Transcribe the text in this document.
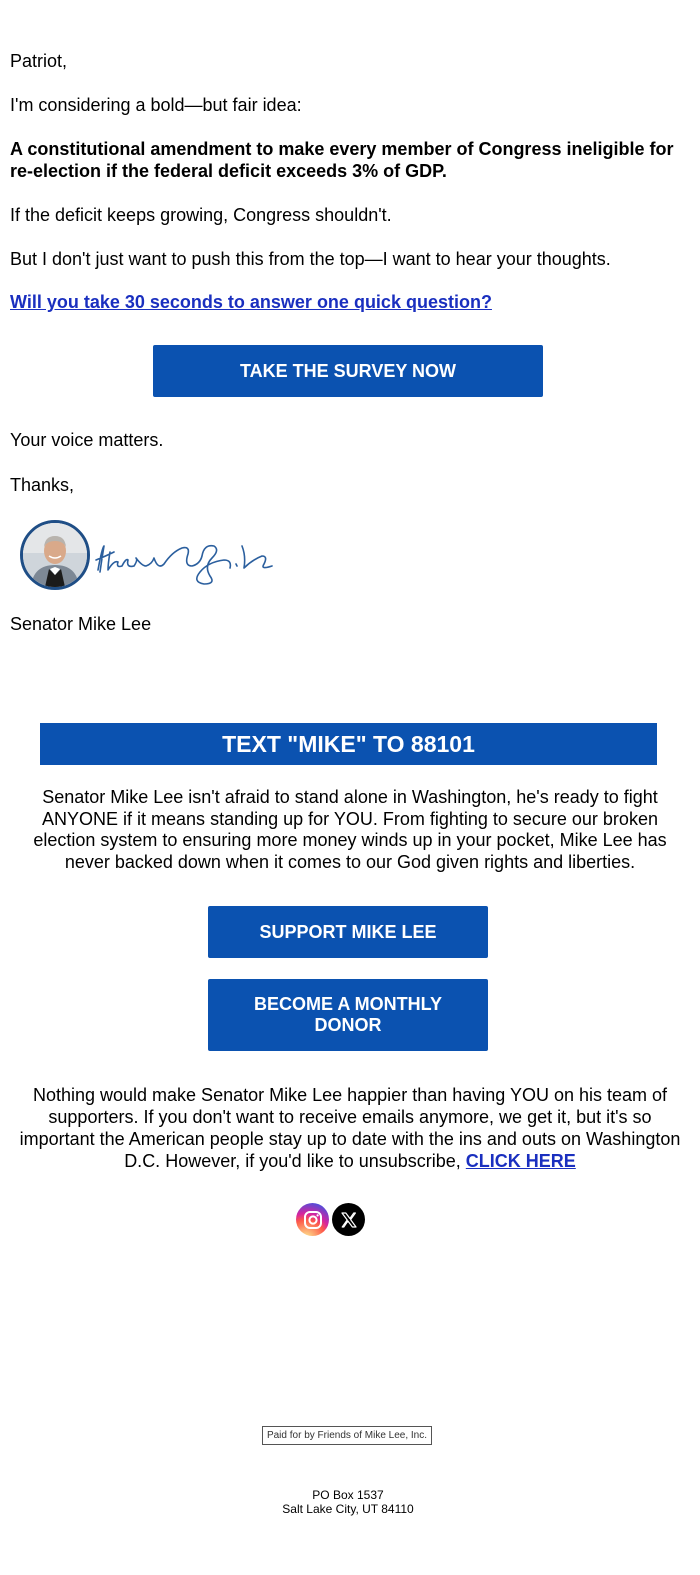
Patriot,

I'm considering a bold—but fair idea:

A constitutional amendment to make every member of Congress ineligible for

re-election if the federal deficit exceeds 3% of GDP.

If the deficit keeps growing, Congress shouldn't.

But I don't just want to push this from the top—I want to hear your thoughts.

Will you take 30 seconds to answer one quick question?

TAKE THE SURVEY NOW

Your voice matters.

Thanks,

Senator Mike Lee

TEXT "MIKE" TO 88101

Senator Mike Lee isn't afraid to stand alone in Washington, he's ready to fight

ANYONE if it means standing up for YOU. From fighting to secure our broken

election system to ensuring more money winds up in your pocket, Mike Lee has

never backed down when it comes to our God given rights and liberties.

SUPPORT MIKE LEE
BECOME A MONTHLY
DONOR

Nothing would make Senator Mike Lee happier than having YOU on his team of

supporters. If you don't want to receive emails anymore, we get it, but it's so

important the American people stay up to date with the ins and outs on Washington

D.C. However, if you'd like to unsubscribe, CLICK HERE

Paid for by Friends of Mike Lee, Inc.
PO Box 1537
Salt Lake City, UT 84110
